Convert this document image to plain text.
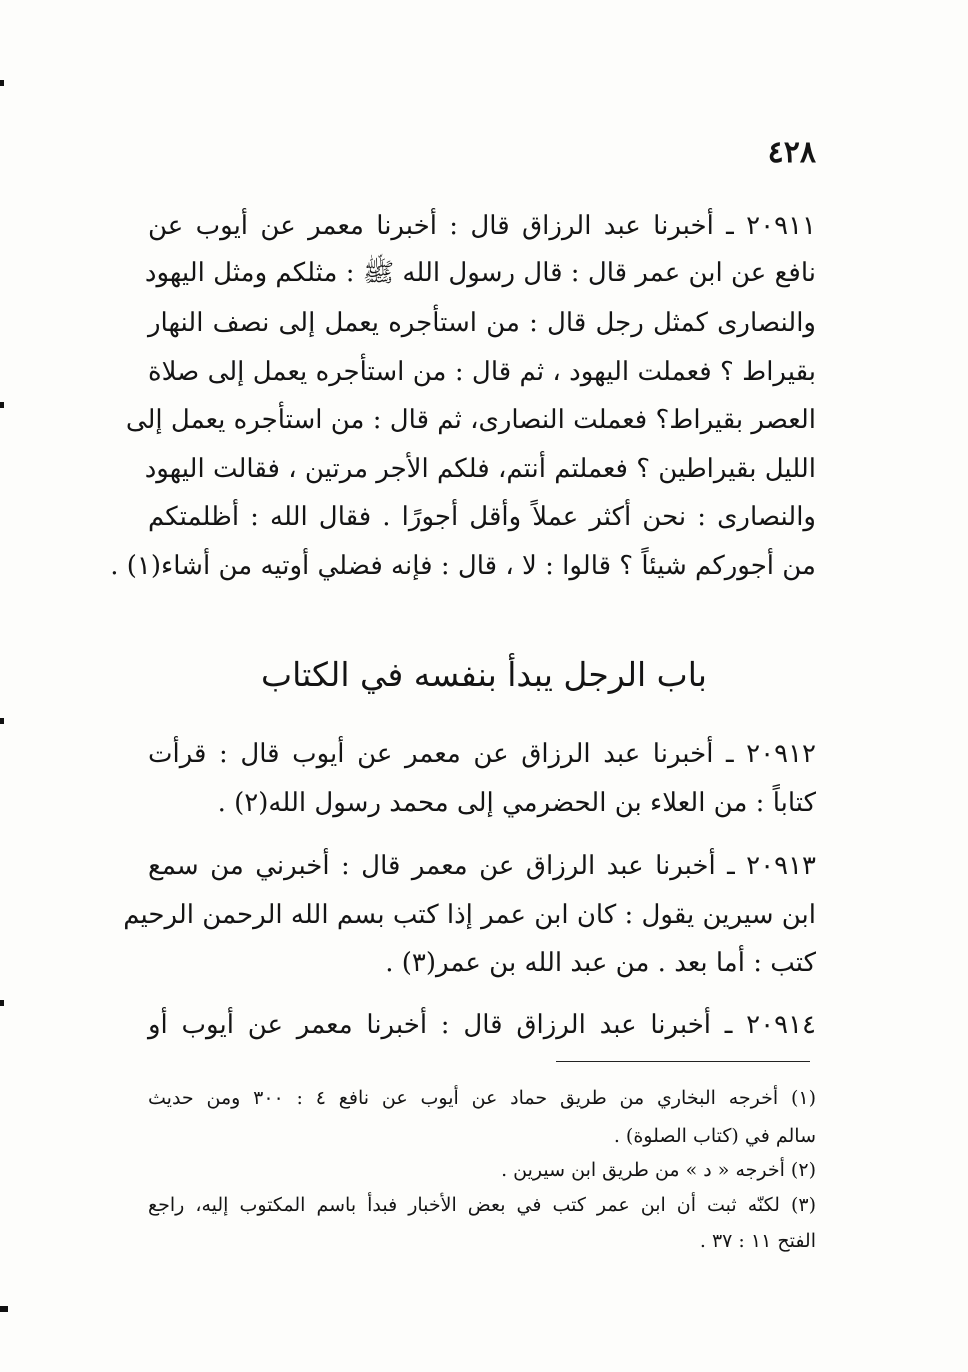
٤٢٨
٢٠٩١١ ـ أخبرنا عبد الرزاق قال : أخبرنا معمر عن أيوب عن
نافع عن ابن عمر قال : قال رسول الله ﷺ : مثلكم ومثل اليهود
والنصارى كمثل رجل قال : من استأجره يعمل إلى نصف النهار
بقيراط ؟ فعملت اليهود ، ثم قال : من استأجره يعمل إلى صلاة
العصر بقيراط؟ فعملت النصارى، ثم قال : من استأجره يعمل إلى
الليل بقيراطين ؟ فعملتم أنتم، فلكم الأجر مرتين ، فقالت اليهود
والنصارى : نحن أكثر عملاً وأقل أجورًا . فقال الله : أظلمتكم
من أجوركم شيئاً ؟ قالوا : لا ، قال : فإنه فضلي أوتيه من أشاء(١) .
باب الرجل يبدأ بنفسه في الكتاب
٢٠٩١٢ ـ أخبرنا عبد الرزاق عن معمر عن أيوب قال : قرأت
كتاباً : من العلاء بن الحضرمي إلى محمد رسول الله(٢) .
٢٠٩١٣ ـ أخبرنا عبد الرزاق عن معمر قال : أخبرني من سمع
ابن سيرين يقول : كان ابن عمر إذا كتب بسم الله الرحمن الرحيم
كتب : أما بعد . من عبد الله بن عمر(٣) .
٢٠٩١٤ ـ أخبرنا عبد الرزاق قال : أخبرنا معمر عن أيوب أو
(١) أخرجه البخاري من طريق حماد عن أيوب عن نافع ٤ : ٣٠٠ ومن حديث
سالم في (كتاب الصلوة) .
(٢) أخرجه « د » من طريق ابن سيرين .
(٣) لكنّه ثبت أن ابن عمر كتب في بعض الأخبار فبدأ باسم المكتوب إليه، راجع
الفتح ١١ : ٣٧ .
